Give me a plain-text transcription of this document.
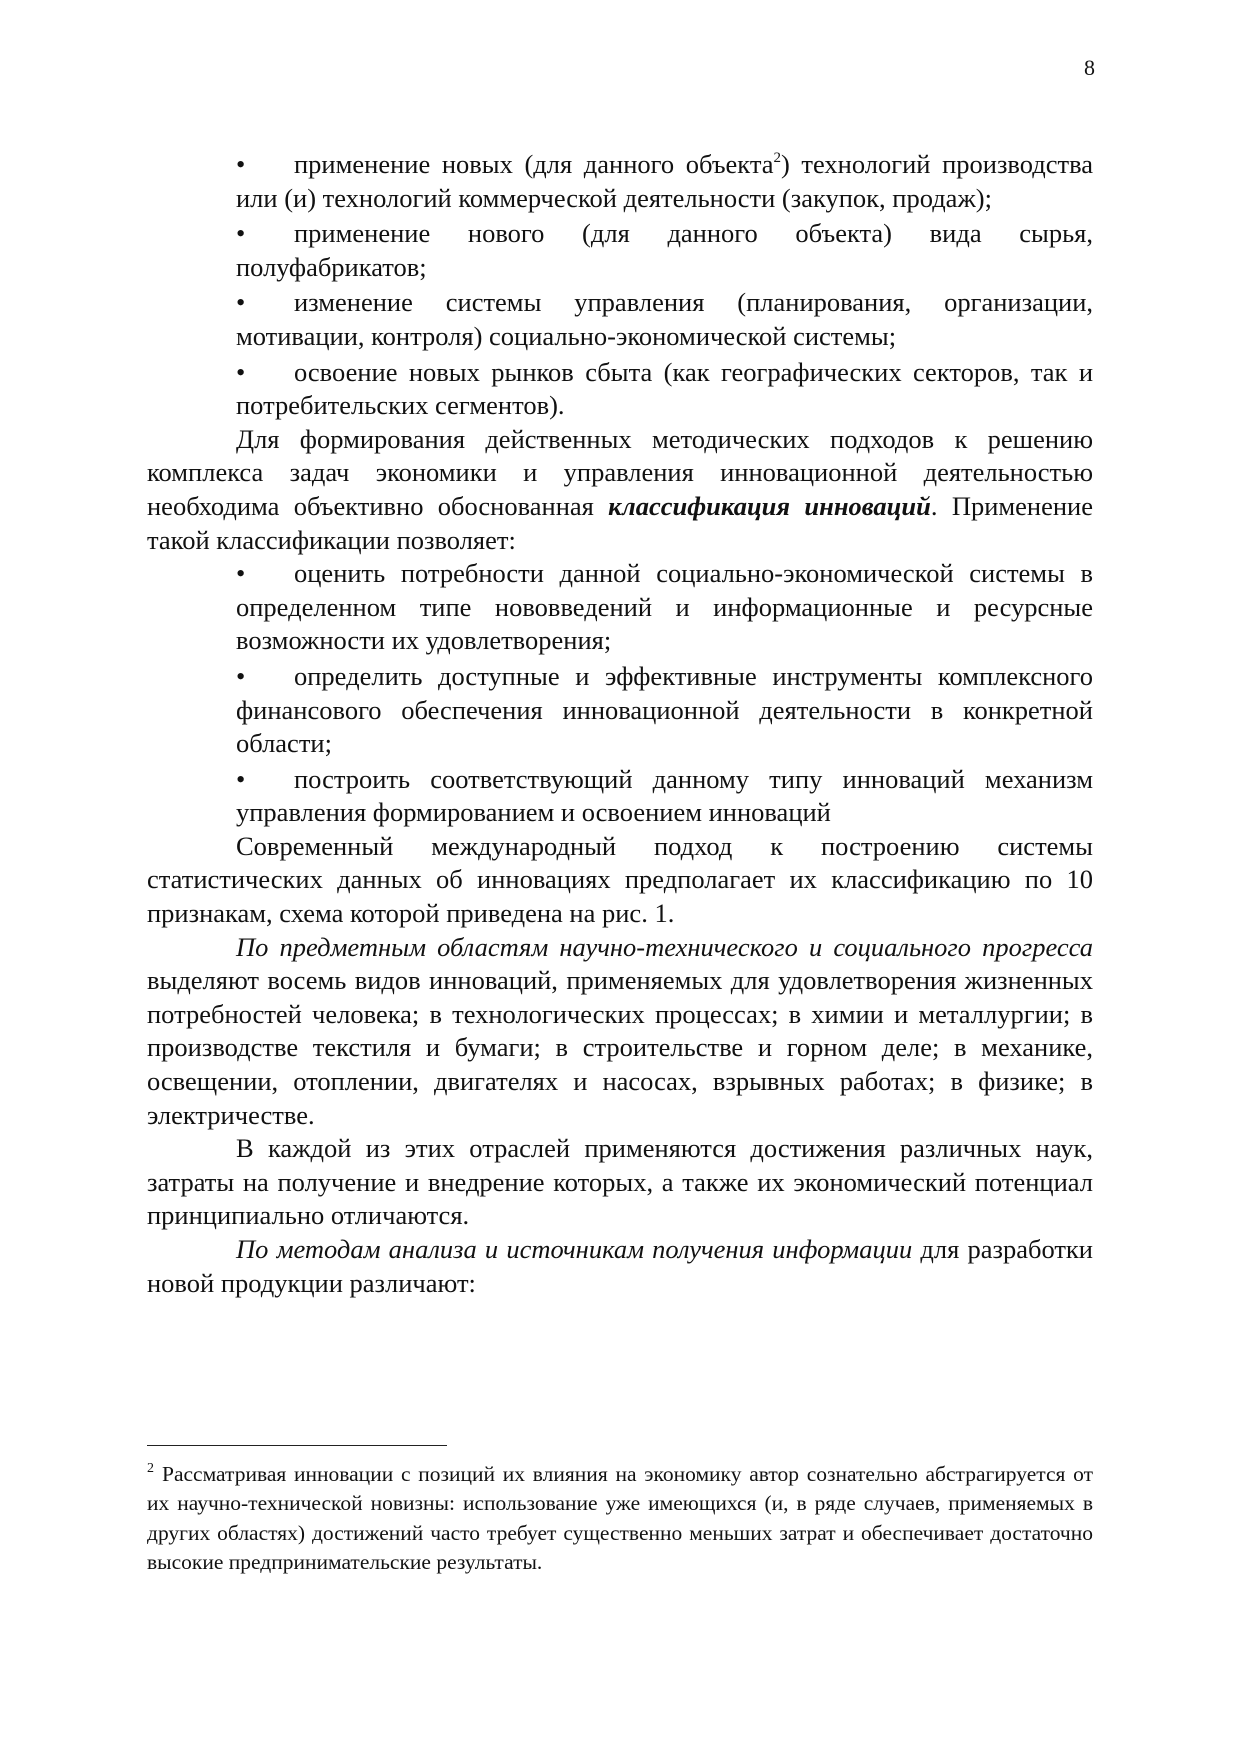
8

• применение новых (для данного объекта$^2$) технологий производства или (и) технологий коммерческой деятельности (закупок, продаж);

• применение нового (для данного объекта) вида сырья, полуфабрикатов;

• изменение системы управления (планирования, организации, мотивации, контроля) социально-экономической системы;

• освоение новых рынков сбыта (как географических секторов, так и потребительских сегментов).

Для формирования действенных методических подходов к решению комплекса задач экономики и управления инновационной деятельностью необходима объективно обоснованная классификация инноваций. Применение такой классификации позволяет:

• оценить потребности данной социально-экономической системы в определенном типе нововведений и информационные и ресурсные возможности их удовлетворения;

• определить доступные и эффективные инструменты комплексного финансового обеспечения инновационной деятельности в конкретной области;

• построить соответствующий данному типу инноваций механизм управления формированием и освоением инноваций

Современный международный подход к построению системы статистических данных об инновациях предполагает их классификацию по 10 признакам, схема которой приведена на рис. 1.

По предметным областям научно-технического и социального прогресса выделяют восемь видов инноваций, применяемых для удовлетворения жизненных потребностей человека; в технологических процессах; в химии и металлургии; в производстве текстиля и бумаги; в строительстве и горном деле; в механике, освещении, отоплении, двигателях и насосах, взрывных работах; в физике; в электричестве.

В каждой из этих отраслей применяются достижения различных наук, затраты на получение и внедрение которых, а также их экономический потенциал принципиально отличаются.

По методам анализа и источникам получения информации для разработки новой продукции различают:

$^2$ Рассматривая инновации с позиций их влияния на экономику автор сознательно абстрагируется от их научно-технической новизны: использование уже имеющихся (и, в ряде случаев, применяемых в других областях) достижений часто требует существенно меньших затрат и обеспечивает достаточно высокие предпринимательские результаты.
